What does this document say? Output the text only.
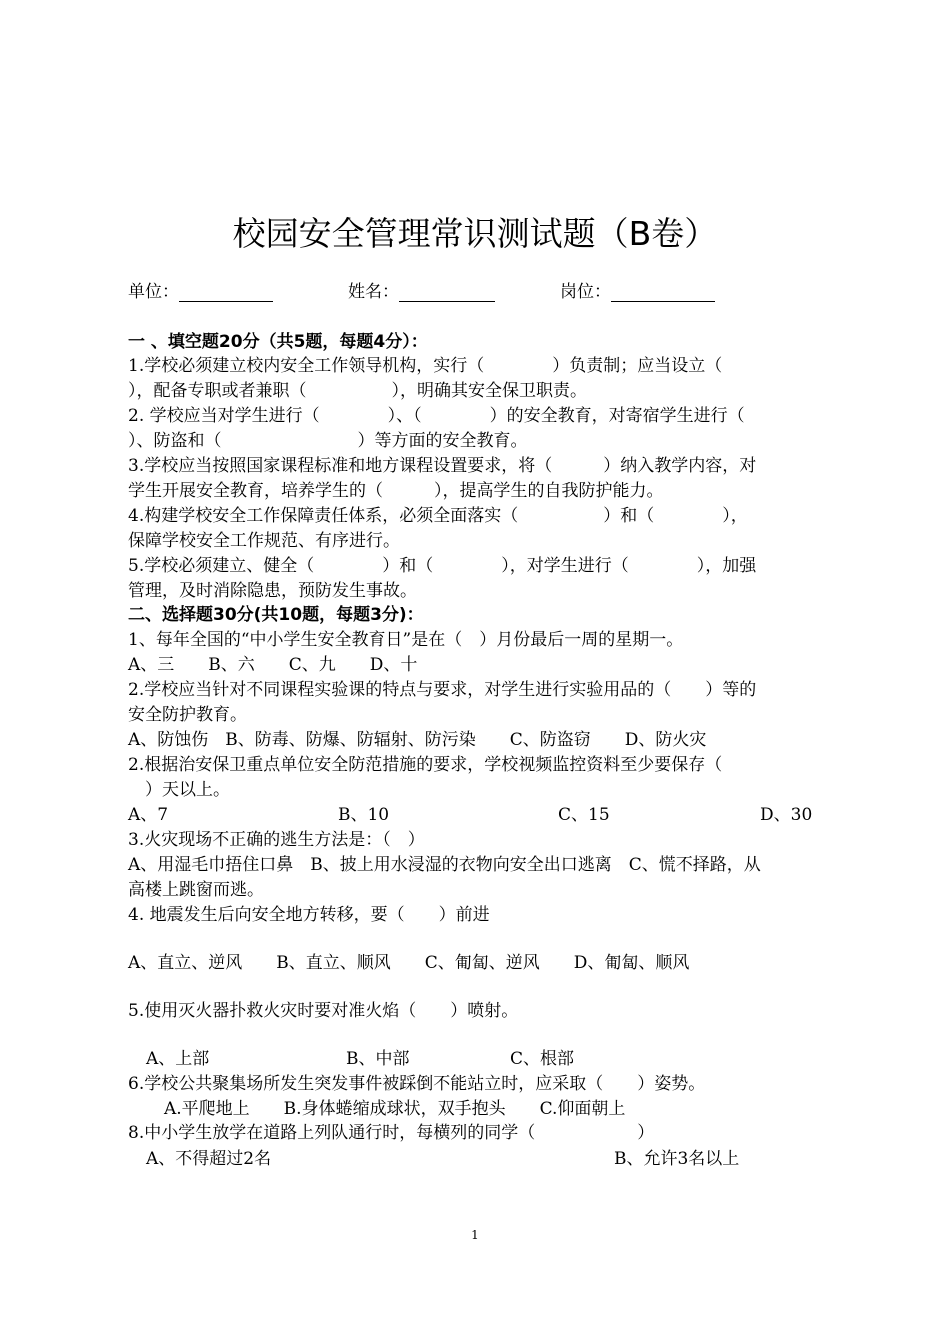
校园安全管理常识测试题（B卷）
单位：	姓名：	岗位：
一 、填空题20分（共5题，每题4分）：
1.学校必须建立校内安全工作领导机构，实行（　　　　）负责制；应当设立（
），配备专职或者兼职（　　　　　），明确其安全保卫职责。
2. 学校应当对学生进行（　　　　）、（　　　　）的安全教育，对寄宿学生进行（
）、防盗和（　　　　　　　　）等方面的安全教育。
3.学校应当按照国家课程标准和地方课程设置要求，将（　　　）纳入教学内容，对
学生开展安全教育，培养学生的（　　　），提高学生的自我防护能力。
4.构建学校安全工作保障责任体系，必须全面落实（　　　　　）和（　　　　），
保障学校安全工作规范、有序进行。
5.学校必须建立、健全（　　　　）和（　　　　），对学生进行（　　　　），加强
管理，及时消除隐患，预防发生事故。
二、选择题30分(共10题，每题3分)：
1、每年全国的“中小学生安全教育日”是在（　）月份最后一周的星期一。
A、三　　B、六　　C、九　　D、十
2.学校应当针对不同课程实验课的特点与要求，对学生进行实验用品的（　　）等的
安全防护教育。
A、防蚀伤　B、防毒、防爆、防辐射、防污染　　C、防盗窃　　D、防火灾
2.根据治安保卫重点单位安全防范措施的要求，学校视频监控资料至少要保存（
　）天以上。
A、7	B、10	C、15	D、30
3.火灾现场不正确的逃生方法是：（　）
A、用湿毛巾捂住口鼻　B、披上用水浸湿的衣物向安全出口逃离　C、慌不择路，从
高楼上跳窗而逃。
4. 地震发生后向安全地方转移，要（　　）前进
A、直立、逆风　　B、直立、顺风　　C、匍匐、逆风　　D、匍匐、顺风
5.使用灭火器扑救火灾时要对准火焰（　　）喷射。
A、上部	B、中部	C、根部
6.学校公共聚集场所发生突发事件被踩倒不能站立时，应采取（　　）姿势。
A.平爬地上　　B.身体蜷缩成球状，双手抱头　　C.仰面朝上
8.中小学生放学在道路上列队通行时，每横列的同学（　　　　　　）
A、不得超过2名	B、允许3名以上
1
